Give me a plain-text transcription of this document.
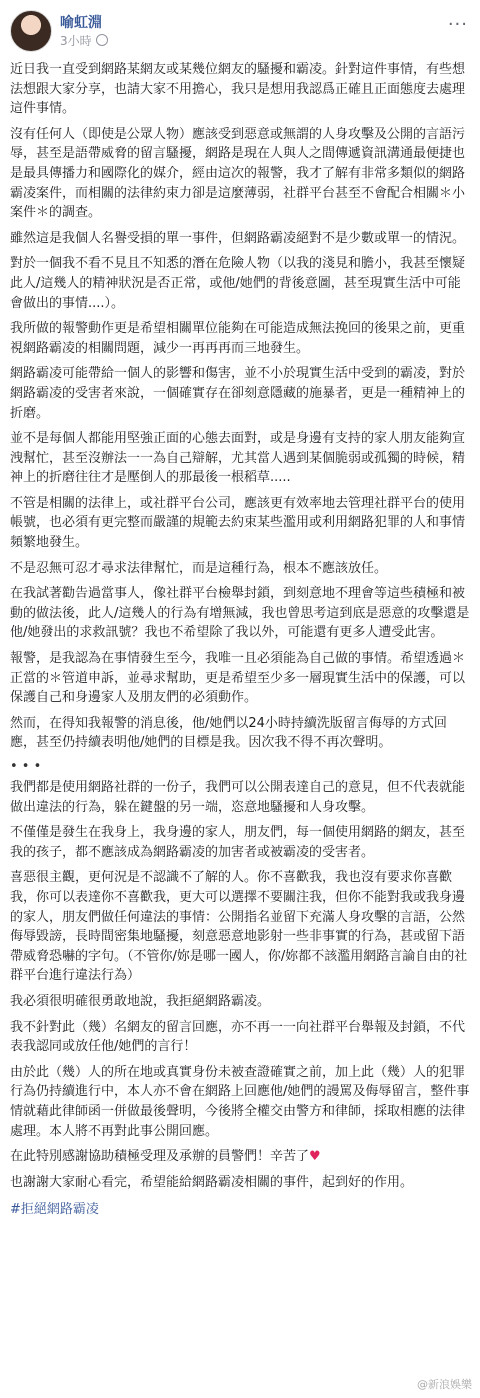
喻虹淵
3小時
···

近日我一直受到網路某網友或某幾位網友的騷擾和霸凌。針對這件事情，有些想法想跟大家分享，也請大家不用擔心，我只是想用我認爲正確且正面態度去處理這件事情。

沒有任何人（即使是公眾人物）應該受到惡意或無謂的人身攻擊及公開的言語污辱，甚至是語帶威脅的留言騷擾，網路是現在人與人之間傳遞資訊溝通最便捷也是最具傳播力和國際化的媒介，經由這次的報警，我才了解有非常多類似的網路霸凌案件，而相關的法律約束力卻是這麼薄弱，社群平台甚至不會配合相關＊小案件＊的調查。

雖然這是我個人名譽受損的單一事件，但網路霸凌絕對不是少數或單一的情況。

對於一個我不看不見且不知悉的潛在危險人物（以我的淺見和膽小，我甚至懷疑此人/這幾人的精神狀況是否正常，或他/她們的背後意圖，甚至現實生活中可能會做出的事情....）。

我所做的報警動作更是希望相關單位能夠在可能造成無法挽回的後果之前，更重視網路霸凌的相關問題，減少一再再再而三地發生。

網路霸凌可能帶給一個人的影響和傷害，並不小於現實生活中受到的霸凌，對於網路霸凌的受害者來說，一個確實存在卻刻意隱藏的施暴者，更是一種精神上的折磨。

並不是每個人都能用堅強正面的心態去面對，或是身邊有支持的家人朋友能夠宣洩幫忙，甚至沒辦法一一為自己辯解，尤其當人遇到某個脆弱或孤獨的時候，精神上的折磨往往才是壓倒人的那最後一根稻草.....

不管是相關的法律上，或社群平台公司，應該更有效率地去管理社群平台的使用帳號，也必須有更完整而嚴謹的規範去約束某些濫用或利用網路犯罪的人和事情頻繁地發生。

不是忍無可忍才尋求法律幫忙，而是這種行為，根本不應該放任。

在我試著勸告過當事人，像社群平台檢舉封鎖，到刻意地不理會等這些積極和被動的做法後，此人/這幾人的行為有增無減，我也曾思考這到底是惡意的攻擊還是他/她發出的求救訊號？我也不希望除了我以外，可能還有更多人遭受此害。

報警，是我認為在事情發生至今，我唯一且必須能為自己做的事情。希望透過＊正當的＊管道申訴，並尋求幫助，更是希望至少多一層現實生活中的保護，可以保護自己和身邊家人及朋友們的必須動作。

然而，在得知我報警的消息後，他/她們以24小時持續洗版留言侮辱的方式回應，甚至仍持續表明他/她們的目標是我。因次我不得不再次聲明。

• • •

我們都是使用網路社群的一份子，我們可以公開表達自己的意見，但不代表就能做出違法的行為，躲在鍵盤的另一端，恣意地騷擾和人身攻擊。

不僅僅是發生在我身上，我身邊的家人，朋友們，每一個使用網路的網友，甚至我的孩子，都不應該成為網路霸凌的加害者或被霸凌的受害者。

喜惡很主觀，更何況是不認識不了解的人。你不喜歡我，我也沒有要求你喜歡我，你可以表達你不喜歡我，更大可以選擇不要關注我，但你不能對我或我身邊的家人，朋友們做任何違法的事情：公開指名並留下充滿人身攻擊的言語，公然侮辱毀謗，長時間密集地騷擾，刻意惡意地影射一些非事實的行為，甚或留下語帶威脅恐嚇的字句。（不管你/妳是哪一國人，你/妳都不該濫用網路言論自由的社群平台進行違法行為）

我必須很明確很勇敢地說，我拒絕網路霸凌。

我不針對此（幾）名網友的留言回應，亦不再一一向社群平台舉報及封鎖，不代表我認同或放任他/她們的言行！

由於此（幾）人的所在地或真實身份未被查證確實之前，加上此（幾）人的犯罪行為仍持續進行中，本人亦不會在網路上回應他/她們的謾罵及侮辱留言，整件事情就藉此律師函一併做最後聲明，今後將全權交由警方和律師，採取相應的法律處理。本人將不再對此事公開回應。

在此特別感謝協助積極受理及承辦的員警們！辛苦了♥

也謝謝大家耐心看完，希望能給網路霸凌相關的事件，起到好的作用。

#拒絕網路霸凌
@新浪娛樂
